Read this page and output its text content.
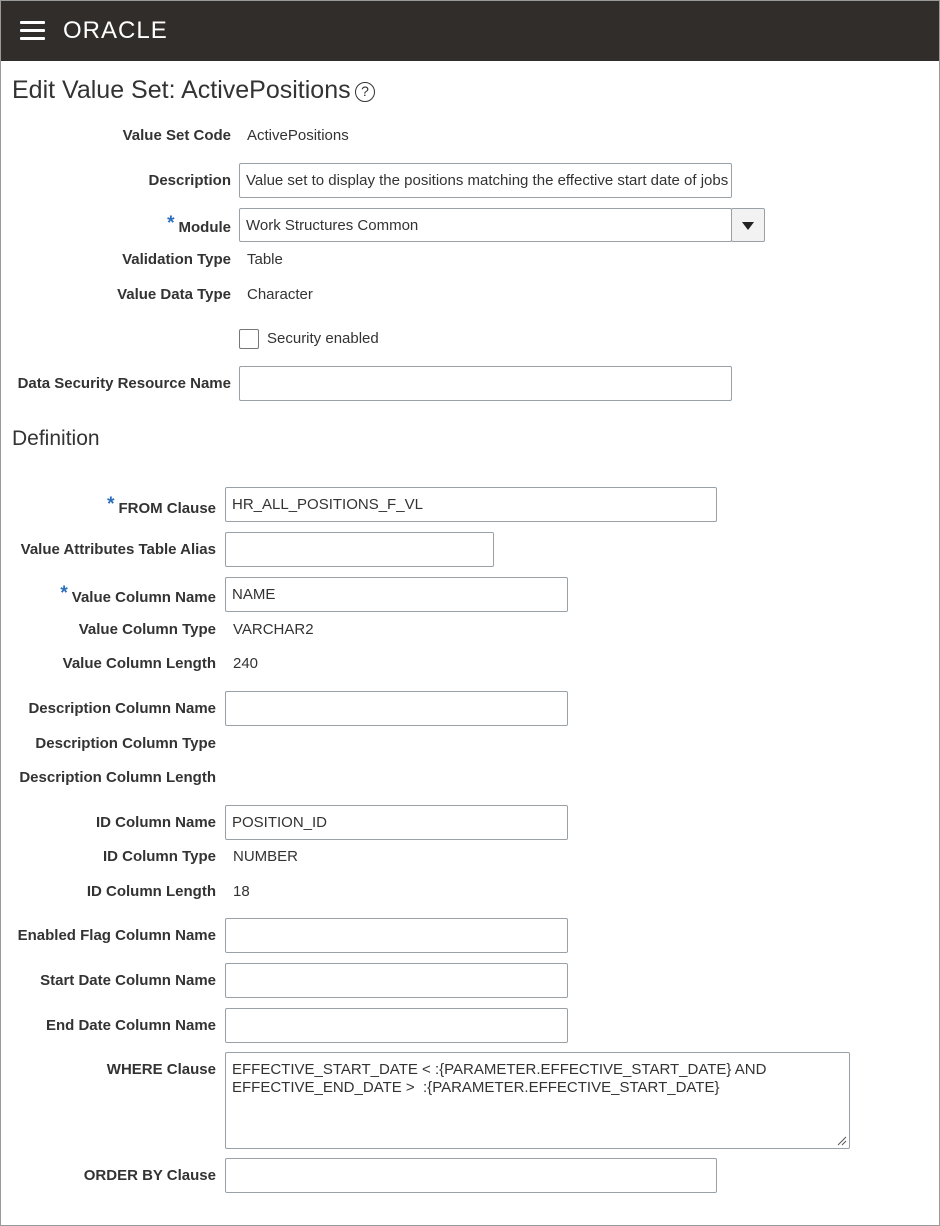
ORACLE
Edit Value Set: ActivePositions ?
Value Set Code ActivePositions
Description	Value set to display the positions matching the effective start date of jobs
* Module	Work Structures Common
Validation Type Table
Value Data Type Character
Security enabled
Data Security Resource Name
Definition
* FROM Clause	HR_ALL_POSITIONS_F_VL
Value Attributes Table Alias
* Value Column Name	NAME
Value Column Type VARCHAR2
Value Column Length 240
Description Column Name
Description Column Type
Description Column Length
ID Column Name	POSITION_ID
ID Column Type NUMBER
ID Column Length 18
Enabled Flag Column Name
Start Date Column Name
End Date Column Name
WHERE Clause	EFFECTIVE_START_DATE < :{PARAMETER.EFFECTIVE_START_DATE} AND
EFFECTIVE_END_DATE >  :{PARAMETER.EFFECTIVE_START_DATE}
ORDER BY Clause
